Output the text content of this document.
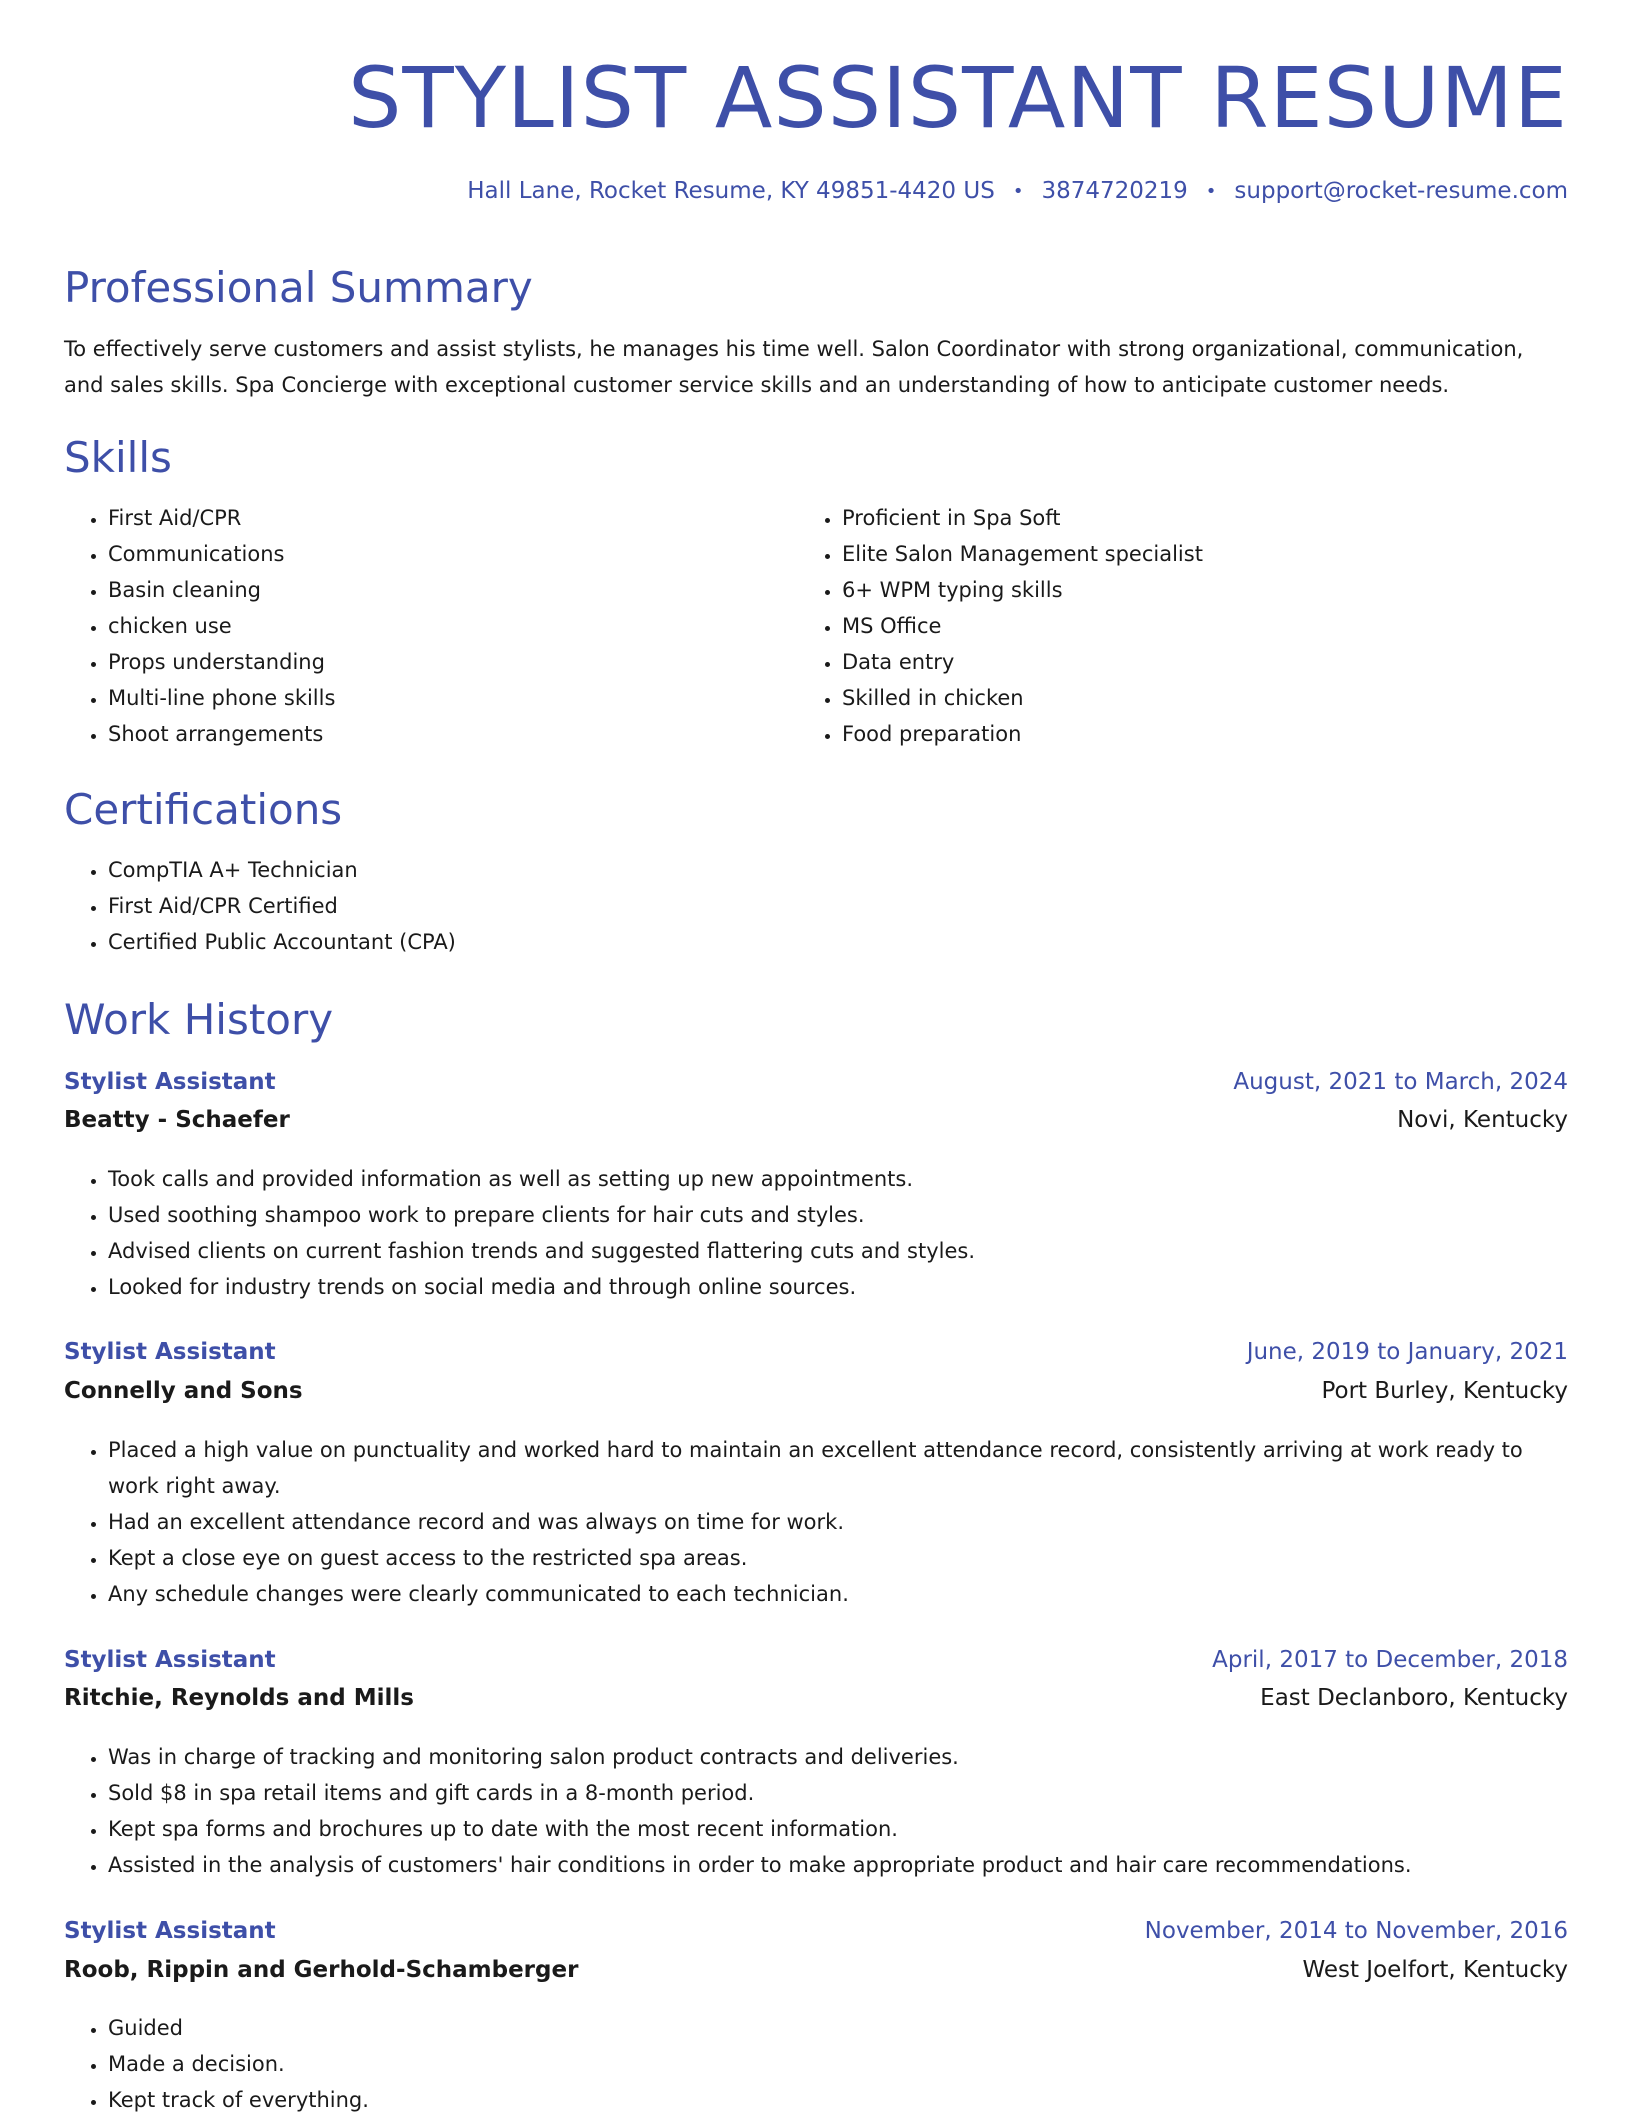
STYLIST ASSISTANT RESUME
Hall Lane, Rocket Resume, KY 49851-4420 US • 3874720219 • support@rocket-resume.com
Professional Summary

To effectively serve customers and assist stylists, he manages his time well. Salon Coordinator with strong organizational, communication, and sales skills. Spa Concierge with exceptional customer service skills and an understanding of how to anticipate customer needs.

Skills
• First Aid/CPR
• Communications
• Basin cleaning
• chicken use
• Props understanding
• Multi-line phone skills
• Shoot arrangements
• Proficient in Spa Soft
• Elite Salon Management specialist
• 6+ WPM typing skills
• MS Office
• Data entry
• Skilled in chicken
• Food preparation
Certifications
• CompTIA A+ Technician
• First Aid/CPR Certified
• Certified Public Accountant (CPA)
Work History
Stylist Assistant	August, 2021 to March, 2024
Beatty - Schaefer	Novi, Kentucky
• Took calls and provided information as well as setting up new appointments.
• Used soothing shampoo work to prepare clients for hair cuts and styles.
• Advised clients on current fashion trends and suggested flattering cuts and styles.
• Looked for industry trends on social media and through online sources.
Stylist Assistant	June, 2019 to January, 2021
Connelly and Sons	Port Burley, Kentucky
• Placed a high value on punctuality and worked hard to maintain an excellent attendance record, consistently arriving at work ready to work right away.
• Had an excellent attendance record and was always on time for work.
• Kept a close eye on guest access to the restricted spa areas.
• Any schedule changes were clearly communicated to each technician.
Stylist Assistant	April, 2017 to December, 2018
Ritchie, Reynolds and Mills	East Declanboro, Kentucky
• Was in charge of tracking and monitoring salon product contracts and deliveries.
• Sold $8 in spa retail items and gift cards in a 8-month period.
• Kept spa forms and brochures up to date with the most recent information.
• Assisted in the analysis of customers' hair conditions in order to make appropriate product and hair care recommendations.
Stylist Assistant	November, 2014 to November, 2016
Roob, Rippin and Gerhold-Schamberger	West Joelfort, Kentucky
• Guided
• Made a decision.
• Kept track of everything.
